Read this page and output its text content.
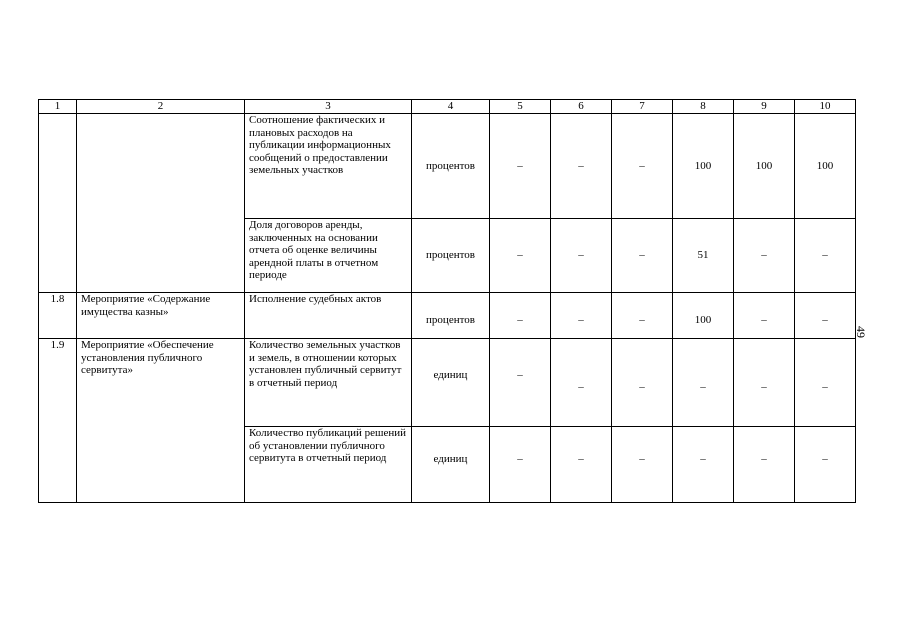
1	2	3	4	5	6	7	8	9	10
		Соотношение фактических и плановых расходов на публикации информационных сообщений о предоставлении земельных участков	процентов	–	–	–	100	100	100
		Доля договоров аренды, заключенных на основании отчета об оценке величины арендной платы в отчетном периоде	процентов	–	–	–	51	–	–
1.8	Мероприятие «Содержание имущества казны»	Исполнение судебных актов	процентов	–	–	–	100	–	–
1.9	Мероприятие «Обеспечение установления публичного сервитута»	Количество земельных участков и земель, в отношении которых установлен публичный сервитут в отчетный период	единиц	–	–	–	–	–	–
		Количество публикаций решений об установлении публичного сервитута в отчетный период	единиц	–	–	–	–	–	–
49
